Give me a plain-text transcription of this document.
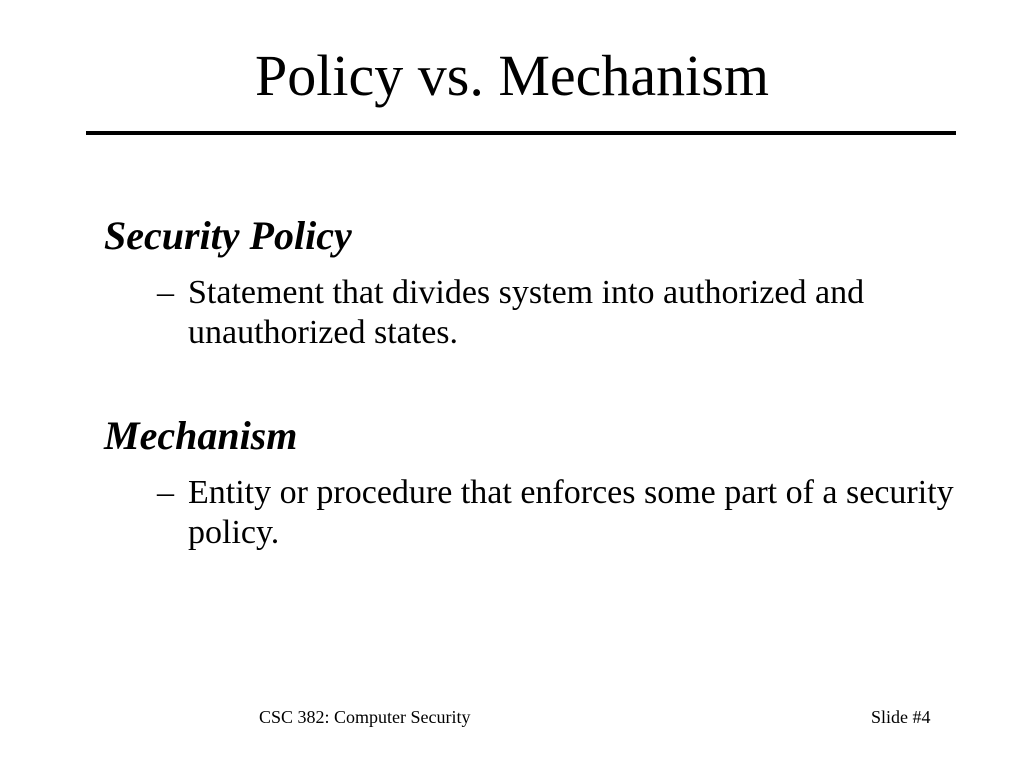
Policy vs. Mechanism
Security Policy
– Statement that divides system into authorized and unauthorized states.
Mechanism
– Entity or procedure that enforces some part of a security policy.
CSC 382: Computer Security	Slide #4
